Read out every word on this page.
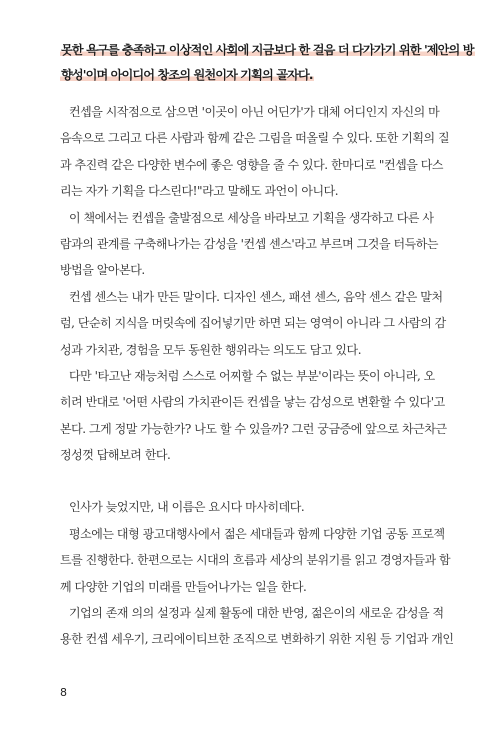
못한 욕구를 충족하고 이상적인 사회에 지금보다 한 걸음 더 다가가기 위한 '제안의 방
향성'이며 아이디어 창조의 원천이자 기획의 골자다.
컨셉을 시작점으로 삼으면 '이곳이 아닌 어딘가'가 대체 어디인지 자신의 마
음속으로 그리고 다른 사람과 함께 같은 그림을 떠올릴 수 있다. 또한 기획의 질
과 추진력 같은 다양한 변수에 좋은 영향을 줄 수 있다. 한마디로 "컨셉을 다스
리는 자가 기획을 다스린다!"라고 말해도 과언이 아니다.
이 책에서는 컨셉을 출발점으로 세상을 바라보고 기획을 생각하고 다른 사
람과의 관계를 구축해나가는 감성을 '컨셉 센스'라고 부르며 그것을 터득하는
방법을 알아본다.
컨셉 센스는 내가 만든 말이다. 디자인 센스, 패션 센스, 음악 센스 같은 말처
럼, 단순히 지식을 머릿속에 집어넣기만 하면 되는 영역이 아니라 그 사람의 감
성과 가치관, 경험을 모두 동원한 행위라는 의도도 담고 있다.
다만 '타고난 재능처럼 스스로 어찌할 수 없는 부분'이라는 뜻이 아니라, 오
히려 반대로 '어떤 사람의 가치관이든 컨셉을 낳는 감성으로 변환할 수 있다'고
본다. 그게 정말 가능한가? 나도 할 수 있을까? 그런 궁금증에 앞으로 차근차근
정성껏 답해보려 한다.
인사가 늦었지만, 내 이름은 요시다 마사히데다.
평소에는 대형 광고대행사에서 젊은 세대들과 함께 다양한 기업 공동 프로젝
트를 진행한다. 한편으로는 시대의 흐름과 세상의 분위기를 읽고 경영자들과 함
께 다양한 기업의 미래를 만들어나가는 일을 한다.
기업의 존재 의의 설정과 실제 활동에 대한 반영, 젊은이의 새로운 감성을 적
용한 컨셉 세우기, 크리에이티브한 조직으로 변화하기 위한 지원 등 기업과 개인
8
